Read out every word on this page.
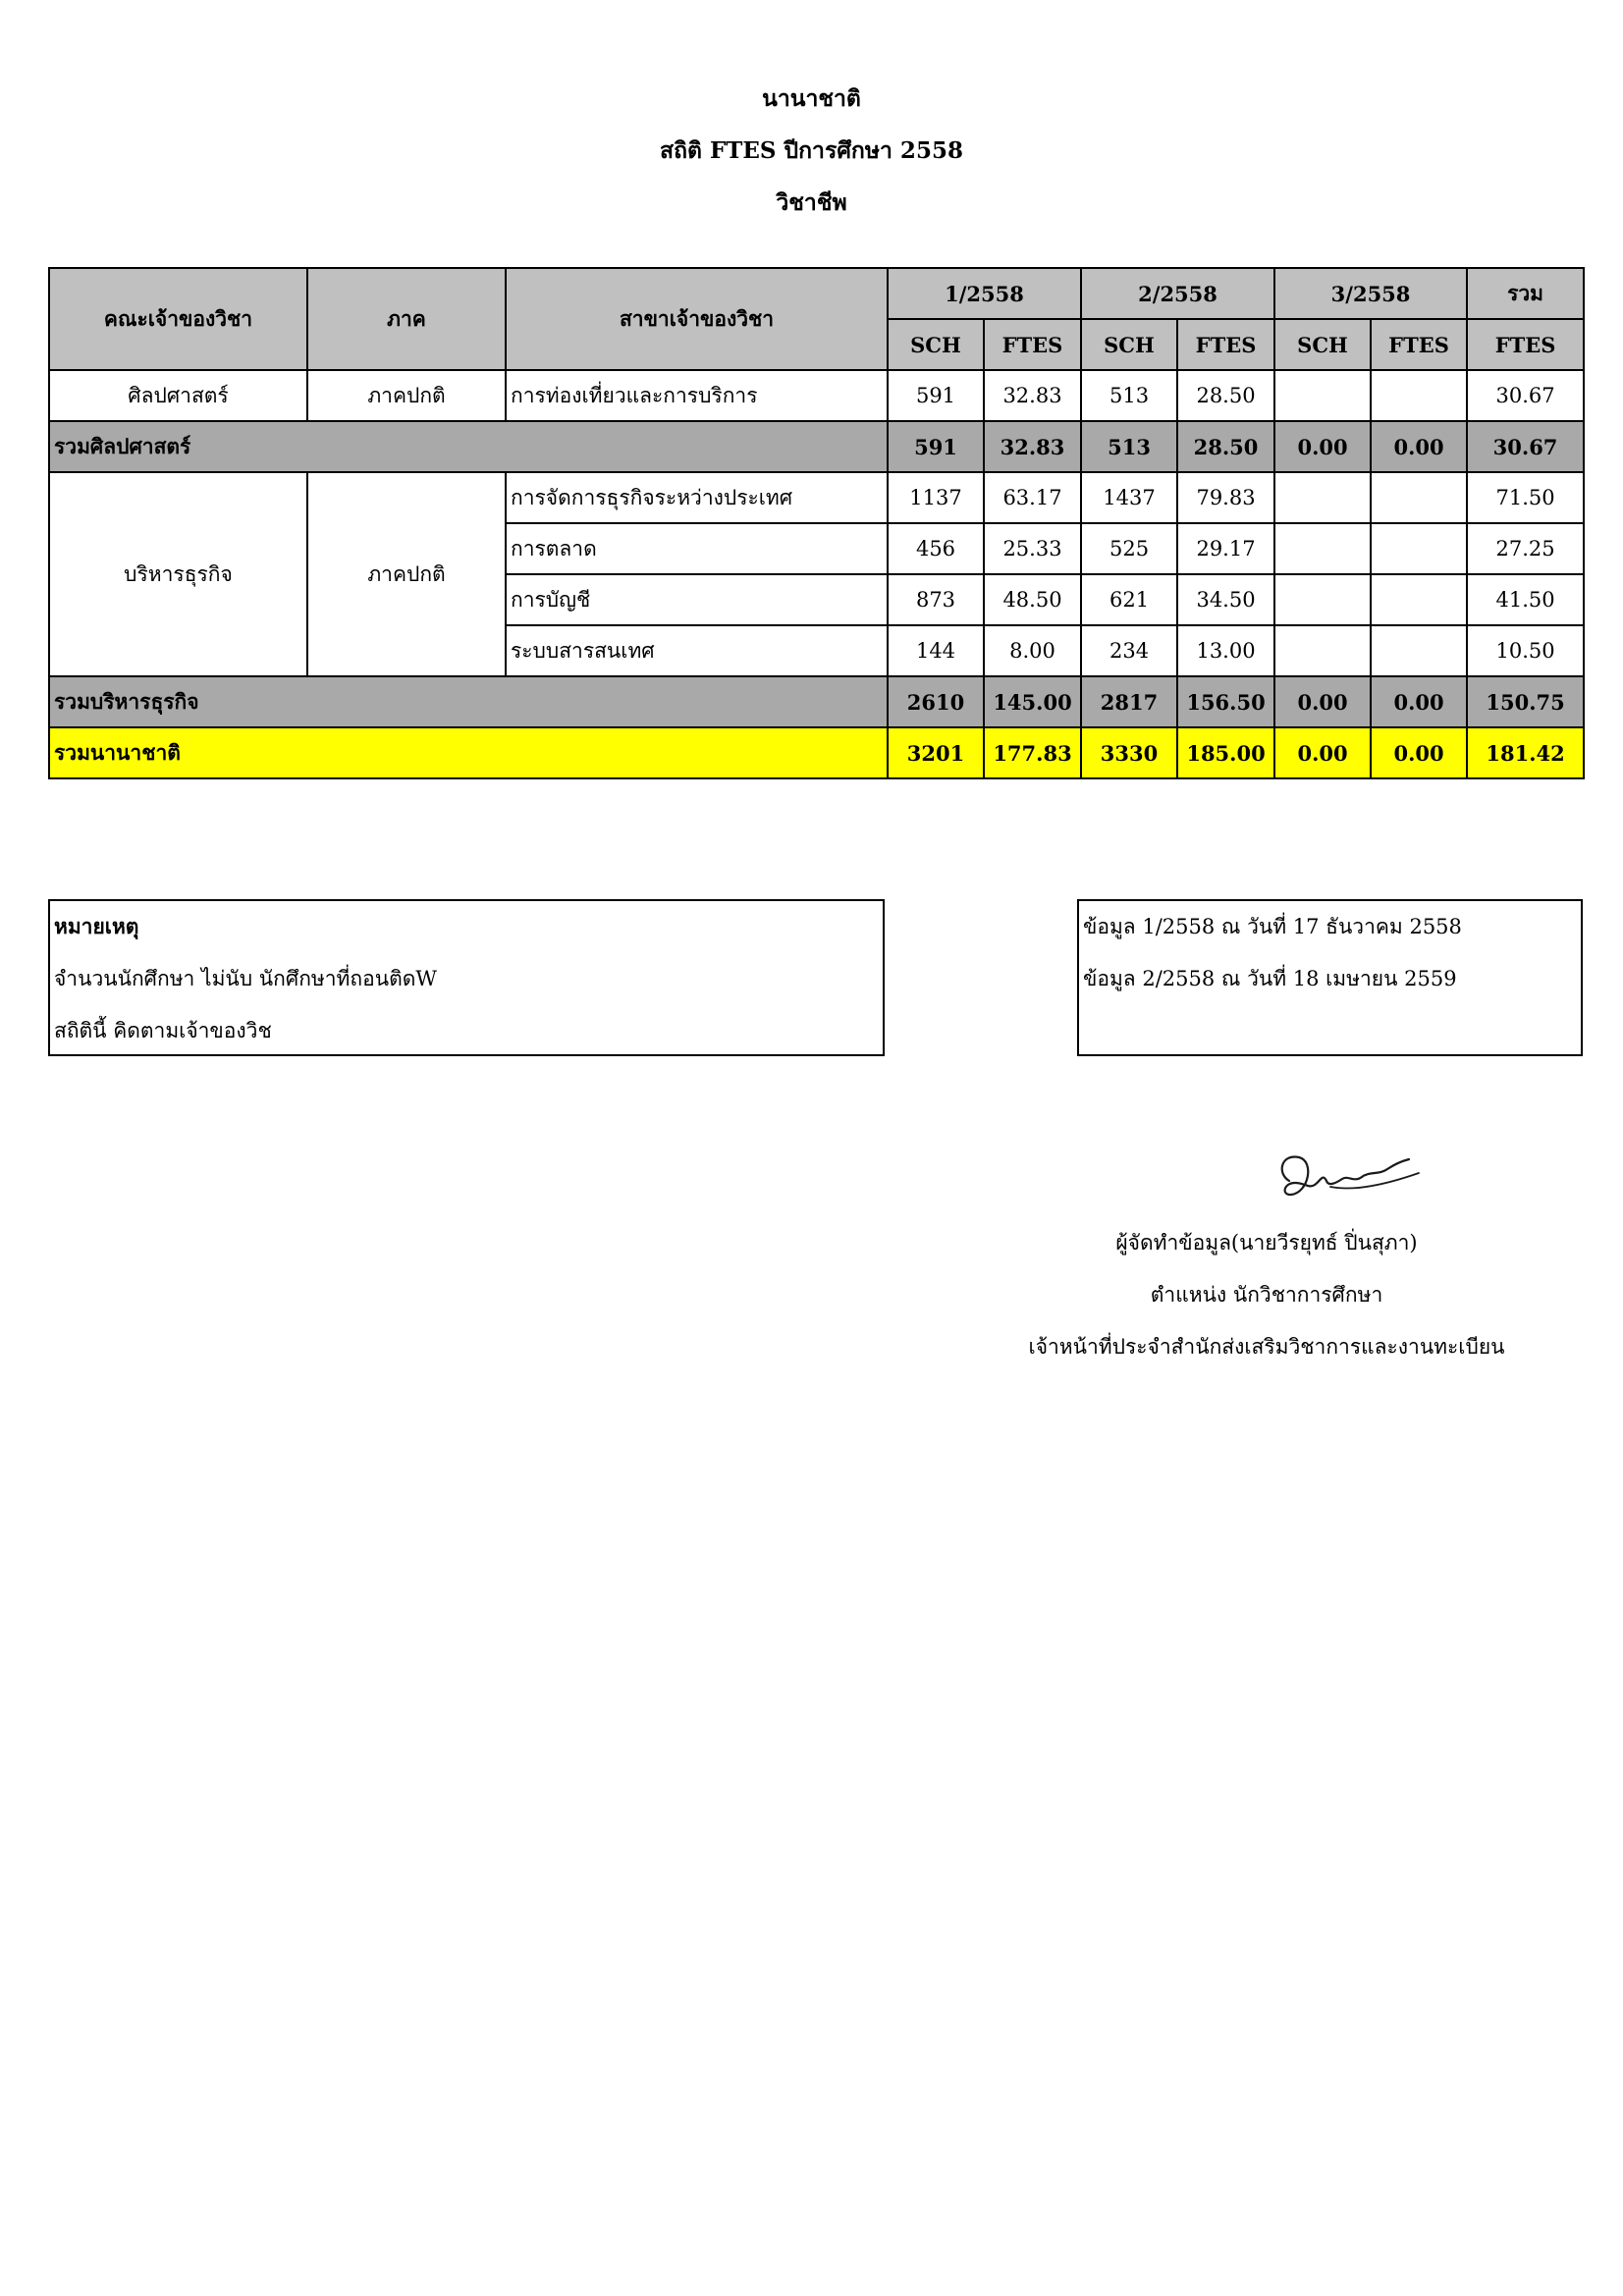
นานาชาติ
สถิติ FTES ปีการศึกษา 2558
วิชาชีพ
คณะเจ้าของวิชา	ภาค	สาขาเจ้าของวิชา	1/2558		2/2558		3/2558		รวม
			SCH	FTES	SCH	FTES	SCH	FTES	FTES
ศิลปศาสตร์	ภาคปกติ	การท่องเที่ยวและการบริการ	591	32.83	513	28.50			30.67
รวมศิลปศาสตร์			591	32.83	513	28.50	0.00	0.00	30.67
บริหารธุรกิจ	ภาคปกติ	การจัดการธุรกิจระหว่างประเทศ	1137	63.17	1437	79.83			71.50
		การตลาด	456	25.33	525	29.17			27.25
		การบัญชี	873	48.50	621	34.50			41.50
		ระบบสารสนเทศ	144	8.00	234	13.00			10.50
รวมบริหารธุรกิจ			2610	145.00	2817	156.50	0.00	0.00	150.75
รวมนานาชาติ			3201	177.83	3330	185.00	0.00	0.00	181.42
หมายเหตุ
จำนวนนักศึกษา ไม่นับ นักศึกษาที่ถอนติดW
สถิตินี้ คิดตามเจ้าของวิช
ข้อมูล 1/2558 ณ วันที่ 17 ธันวาคม 2558
ข้อมูล 2/2558 ณ วันที่ 18 เมษายน 2559
ผู้จัดทำข้อมูล(นายวีรยุทธ์ ปิ่นสุภา)
ตำแหน่ง นักวิชาการศึกษา
เจ้าหน้าที่ประจำสำนักส่งเสริมวิชาการและงานทะเบียน
